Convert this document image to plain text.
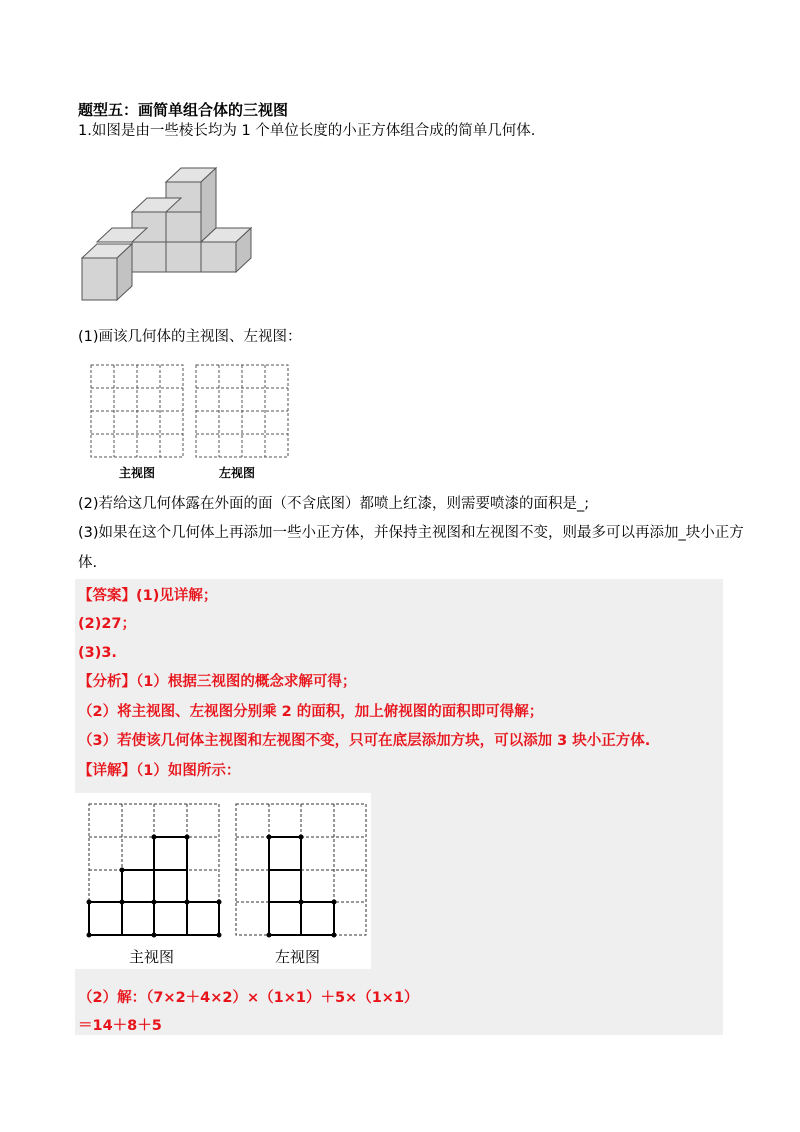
题型五：画简单组合体的三视图
1.如图是由一些棱长均为 1 个单位长度的小正方体组合成的简单几何体.
(1)画该几何体的主视图、左视图：
主视图	左视图
(2)若给这几何体露在外面的面（不含底图）都喷上红漆，则需要喷漆的面积是_;
(3)如果在这个几何体上再添加一些小正方体，并保持主视图和左视图不变，则最多可以再添加_块小正方
体.
【答案】(1)见详解；
(2)27；
(3)3.
【分析】（1）根据三视图的概念求解可得；
（2）将主视图、左视图分别乘 2 的面积，加上俯视图的面积即可得解；
（3）若使该几何体主视图和左视图不变，只可在底层添加方块，可以添加 3 块小正方体.
【详解】（1）如图所示：
主视图	左视图
（2）解：（7×2＋4×2）×（1×1）＋5×（1×1）
＝14＋8＋5
